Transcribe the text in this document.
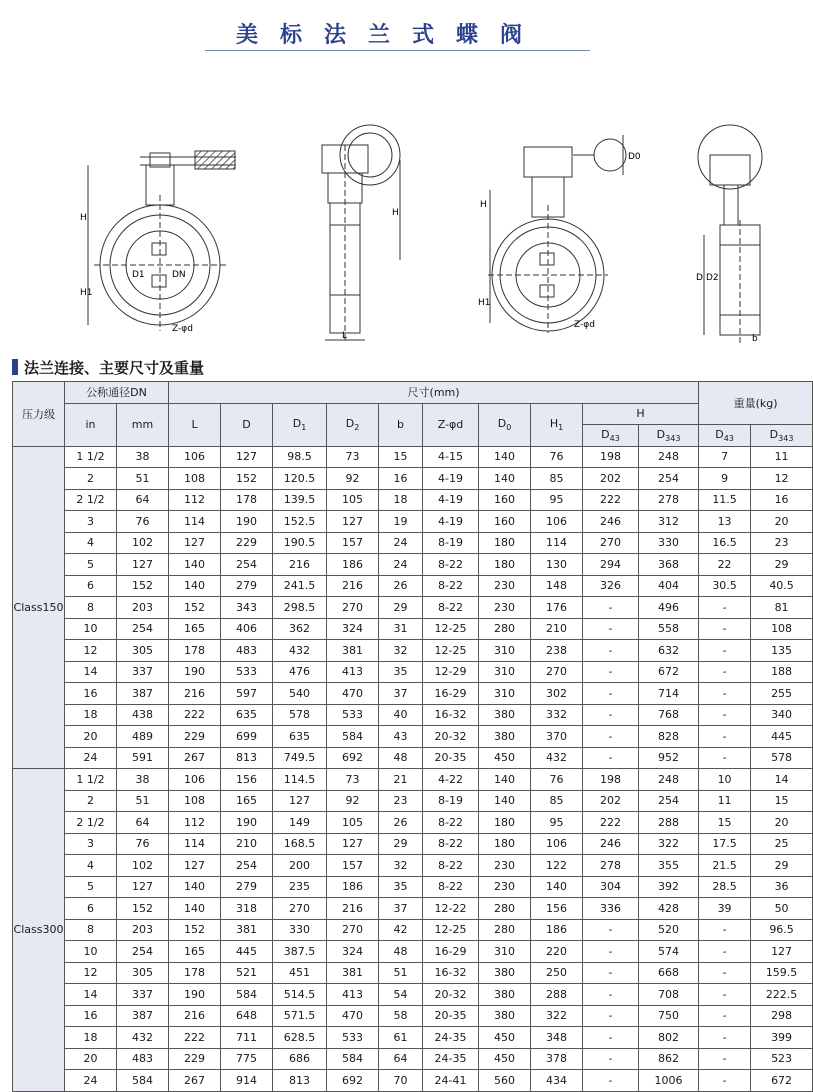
美标法兰式蝶阀
H
H1
D1	DN
Z-φd
H
L
H
H1
D0
Z-φd
D D2
b
法兰连接、主要尺寸及重量
压力级	公称通径DN		尺寸(mm)										重量(kg)	
	in	mm	L	D	$D_1$	$D_2$	b	Z-φd	$D_0$	$H_1$	H			
											$D_{43}$	$D_{343}$	$D_{43}$	$D_{343}$
Class150	1 1/2	38	106	127	98.5	73	15	4-15	140	76	198	248	7	11
	2	51	108	152	120.5	92	16	4-19	140	85	202	254	9	12
	2 1/2	64	112	178	139.5	105	18	4-19	160	95	222	278	11.5	16
	3	76	114	190	152.5	127	19	4-19	160	106	246	312	13	20
	4	102	127	229	190.5	157	24	8-19	180	114	270	330	16.5	23
	5	127	140	254	216	186	24	8-22	180	130	294	368	22	29
	6	152	140	279	241.5	216	26	8-22	230	148	326	404	30.5	40.5
	8	203	152	343	298.5	270	29	8-22	230	176	-	496	-	81
	10	254	165	406	362	324	31	12-25	280	210	-	558	-	108
	12	305	178	483	432	381	32	12-25	310	238	-	632	-	135
	14	337	190	533	476	413	35	12-29	310	270	-	672	-	188
	16	387	216	597	540	470	37	16-29	310	302	-	714	-	255
	18	438	222	635	578	533	40	16-32	380	332	-	768	-	340
	20	489	229	699	635	584	43	20-32	380	370	-	828	-	445
	24	591	267	813	749.5	692	48	20-35	450	432	-	952	-	578
Class300	1 1/2	38	106	156	114.5	73	21	4-22	140	76	198	248	10	14
	2	51	108	165	127	92	23	8-19	140	85	202	254	11	15
	2 1/2	64	112	190	149	105	26	8-22	180	95	222	288	15	20
	3	76	114	210	168.5	127	29	8-22	180	106	246	322	17.5	25
	4	102	127	254	200	157	32	8-22	230	122	278	355	21.5	29
	5	127	140	279	235	186	35	8-22	230	140	304	392	28.5	36
	6	152	140	318	270	216	37	12-22	280	156	336	428	39	50
	8	203	152	381	330	270	42	12-25	280	186	-	520	-	96.5
	10	254	165	445	387.5	324	48	16-29	310	220	-	574	-	127
	12	305	178	521	451	381	51	16-32	380	250	-	668	-	159.5
	14	337	190	584	514.5	413	54	20-32	380	288	-	708	-	222.5
	16	387	216	648	571.5	470	58	20-35	380	322	-	750	-	298
	18	432	222	711	628.5	533	61	24-35	450	348	-	802	-	399
	20	483	229	775	686	584	64	24-35	450	378	-	862	-	523
	24	584	267	914	813	692	70	24-41	560	434	-	1006	-	672
